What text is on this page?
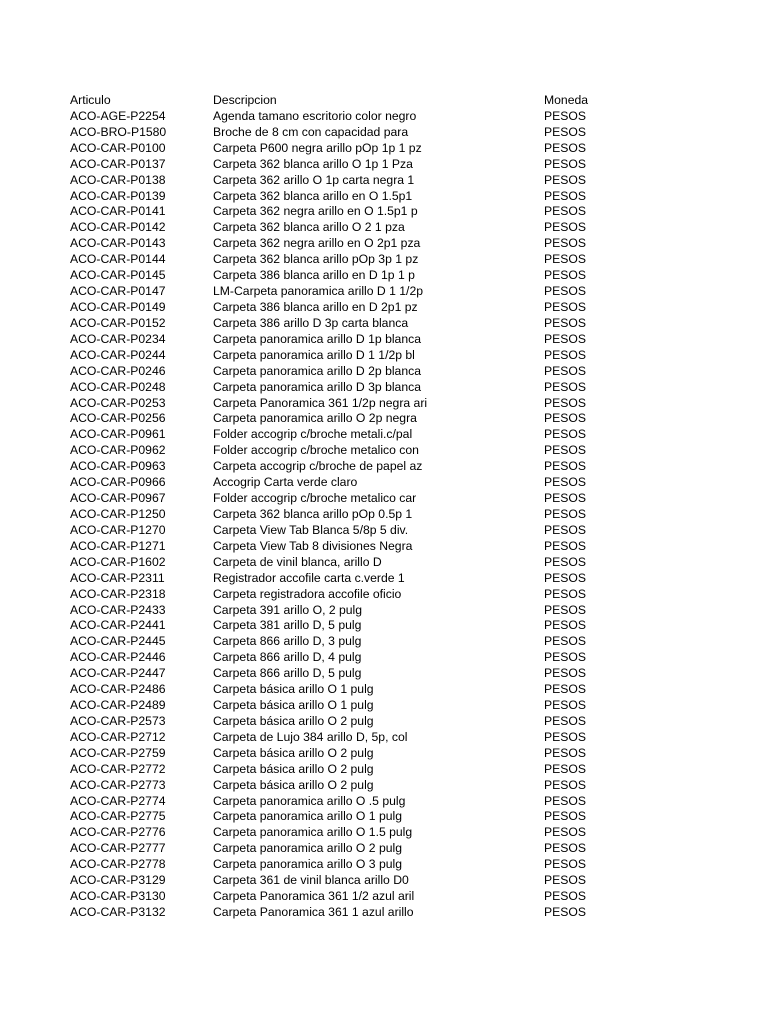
Articulo	Descripcion	Moneda
ACO-AGE-P2254	Agenda tamano escritorio color negro	PESOS
ACO-BRO-P1580	Broche de 8 cm con capacidad para	PESOS
ACO-CAR-P0100	Carpeta P600 negra arillo pOp 1p 1 pz	PESOS
ACO-CAR-P0137	Carpeta 362 blanca arillo O 1p 1 Pza	PESOS
ACO-CAR-P0138	Carpeta 362 arillo O 1p carta negra 1	PESOS
ACO-CAR-P0139	Carpeta 362 blanca arillo en O 1.5p1	PESOS
ACO-CAR-P0141	Carpeta 362 negra arillo en O 1.5p1 p	PESOS
ACO-CAR-P0142	Carpeta 362 blanca arillo O 2 1 pza	PESOS
ACO-CAR-P0143	Carpeta 362 negra arillo en O 2p1 pza	PESOS
ACO-CAR-P0144	Carpeta 362 blanca arillo pOp 3p 1 pz	PESOS
ACO-CAR-P0145	Carpeta 386 blanca arillo en D 1p 1 p	PESOS
ACO-CAR-P0147	LM-Carpeta panoramica arillo D 1 1/2p	PESOS
ACO-CAR-P0149	Carpeta 386 blanca arillo en D 2p1 pz	PESOS
ACO-CAR-P0152	Carpeta 386 arillo D 3p carta blanca	PESOS
ACO-CAR-P0234	Carpeta panoramica arillo D 1p blanca	PESOS
ACO-CAR-P0244	Carpeta panoramica arillo D 1 1/2p bl	PESOS
ACO-CAR-P0246	Carpeta panoramica arillo D 2p blanca	PESOS
ACO-CAR-P0248	Carpeta panoramica arillo D 3p blanca	PESOS
ACO-CAR-P0253	Carpeta Panoramica 361 1/2p negra ari	PESOS
ACO-CAR-P0256	Carpeta panoramica arillo O 2p negra	PESOS
ACO-CAR-P0961	Folder accogrip c/broche metali.c/pal	PESOS
ACO-CAR-P0962	Folder accogrip c/broche metalico con	PESOS
ACO-CAR-P0963	Carpeta accogrip c/broche de papel az	PESOS
ACO-CAR-P0966	Accogrip Carta verde claro	PESOS
ACO-CAR-P0967	Folder accogrip c/broche metalico car	PESOS
ACO-CAR-P1250	Carpeta 362 blanca arillo pOp 0.5p 1	PESOS
ACO-CAR-P1270	Carpeta View Tab Blanca 5/8p 5 div.	PESOS
ACO-CAR-P1271	Carpeta View Tab 8 divisiones Negra	PESOS
ACO-CAR-P1602	Carpeta de vinil blanca, arillo D	PESOS
ACO-CAR-P2311	Registrador accofile carta c.verde 1	PESOS
ACO-CAR-P2318	Carpeta registradora accofile oficio	PESOS
ACO-CAR-P2433	Carpeta 391 arillo O, 2 pulg	PESOS
ACO-CAR-P2441	Carpeta 381 arillo D, 5 pulg	PESOS
ACO-CAR-P2445	Carpeta 866 arillo D, 3 pulg	PESOS
ACO-CAR-P2446	Carpeta 866 arillo D, 4 pulg	PESOS
ACO-CAR-P2447	Carpeta 866 arillo D, 5 pulg	PESOS
ACO-CAR-P2486	Carpeta básica arillo O 1 pulg	PESOS
ACO-CAR-P2489	Carpeta básica arillo O 1 pulg	PESOS
ACO-CAR-P2573	Carpeta básica arillo O 2 pulg	PESOS
ACO-CAR-P2712	Carpeta de Lujo 384 arillo D, 5p, col	PESOS
ACO-CAR-P2759	Carpeta básica arillo O 2 pulg	PESOS
ACO-CAR-P2772	Carpeta básica arillo O 2 pulg	PESOS
ACO-CAR-P2773	Carpeta básica arillo O 2 pulg	PESOS
ACO-CAR-P2774	Carpeta panoramica arillo O .5 pulg	PESOS
ACO-CAR-P2775	Carpeta panoramica arillo O 1 pulg	PESOS
ACO-CAR-P2776	Carpeta panoramica arillo O 1.5 pulg	PESOS
ACO-CAR-P2777	Carpeta panoramica arillo O 2 pulg	PESOS
ACO-CAR-P2778	Carpeta panoramica arillo O 3 pulg	PESOS
ACO-CAR-P3129	Carpeta 361 de vinil blanca arillo D0	PESOS
ACO-CAR-P3130	Carpeta Panoramica 361 1/2 azul aril	PESOS
ACO-CAR-P3132	Carpeta Panoramica 361 1 azul arillo	PESOS
